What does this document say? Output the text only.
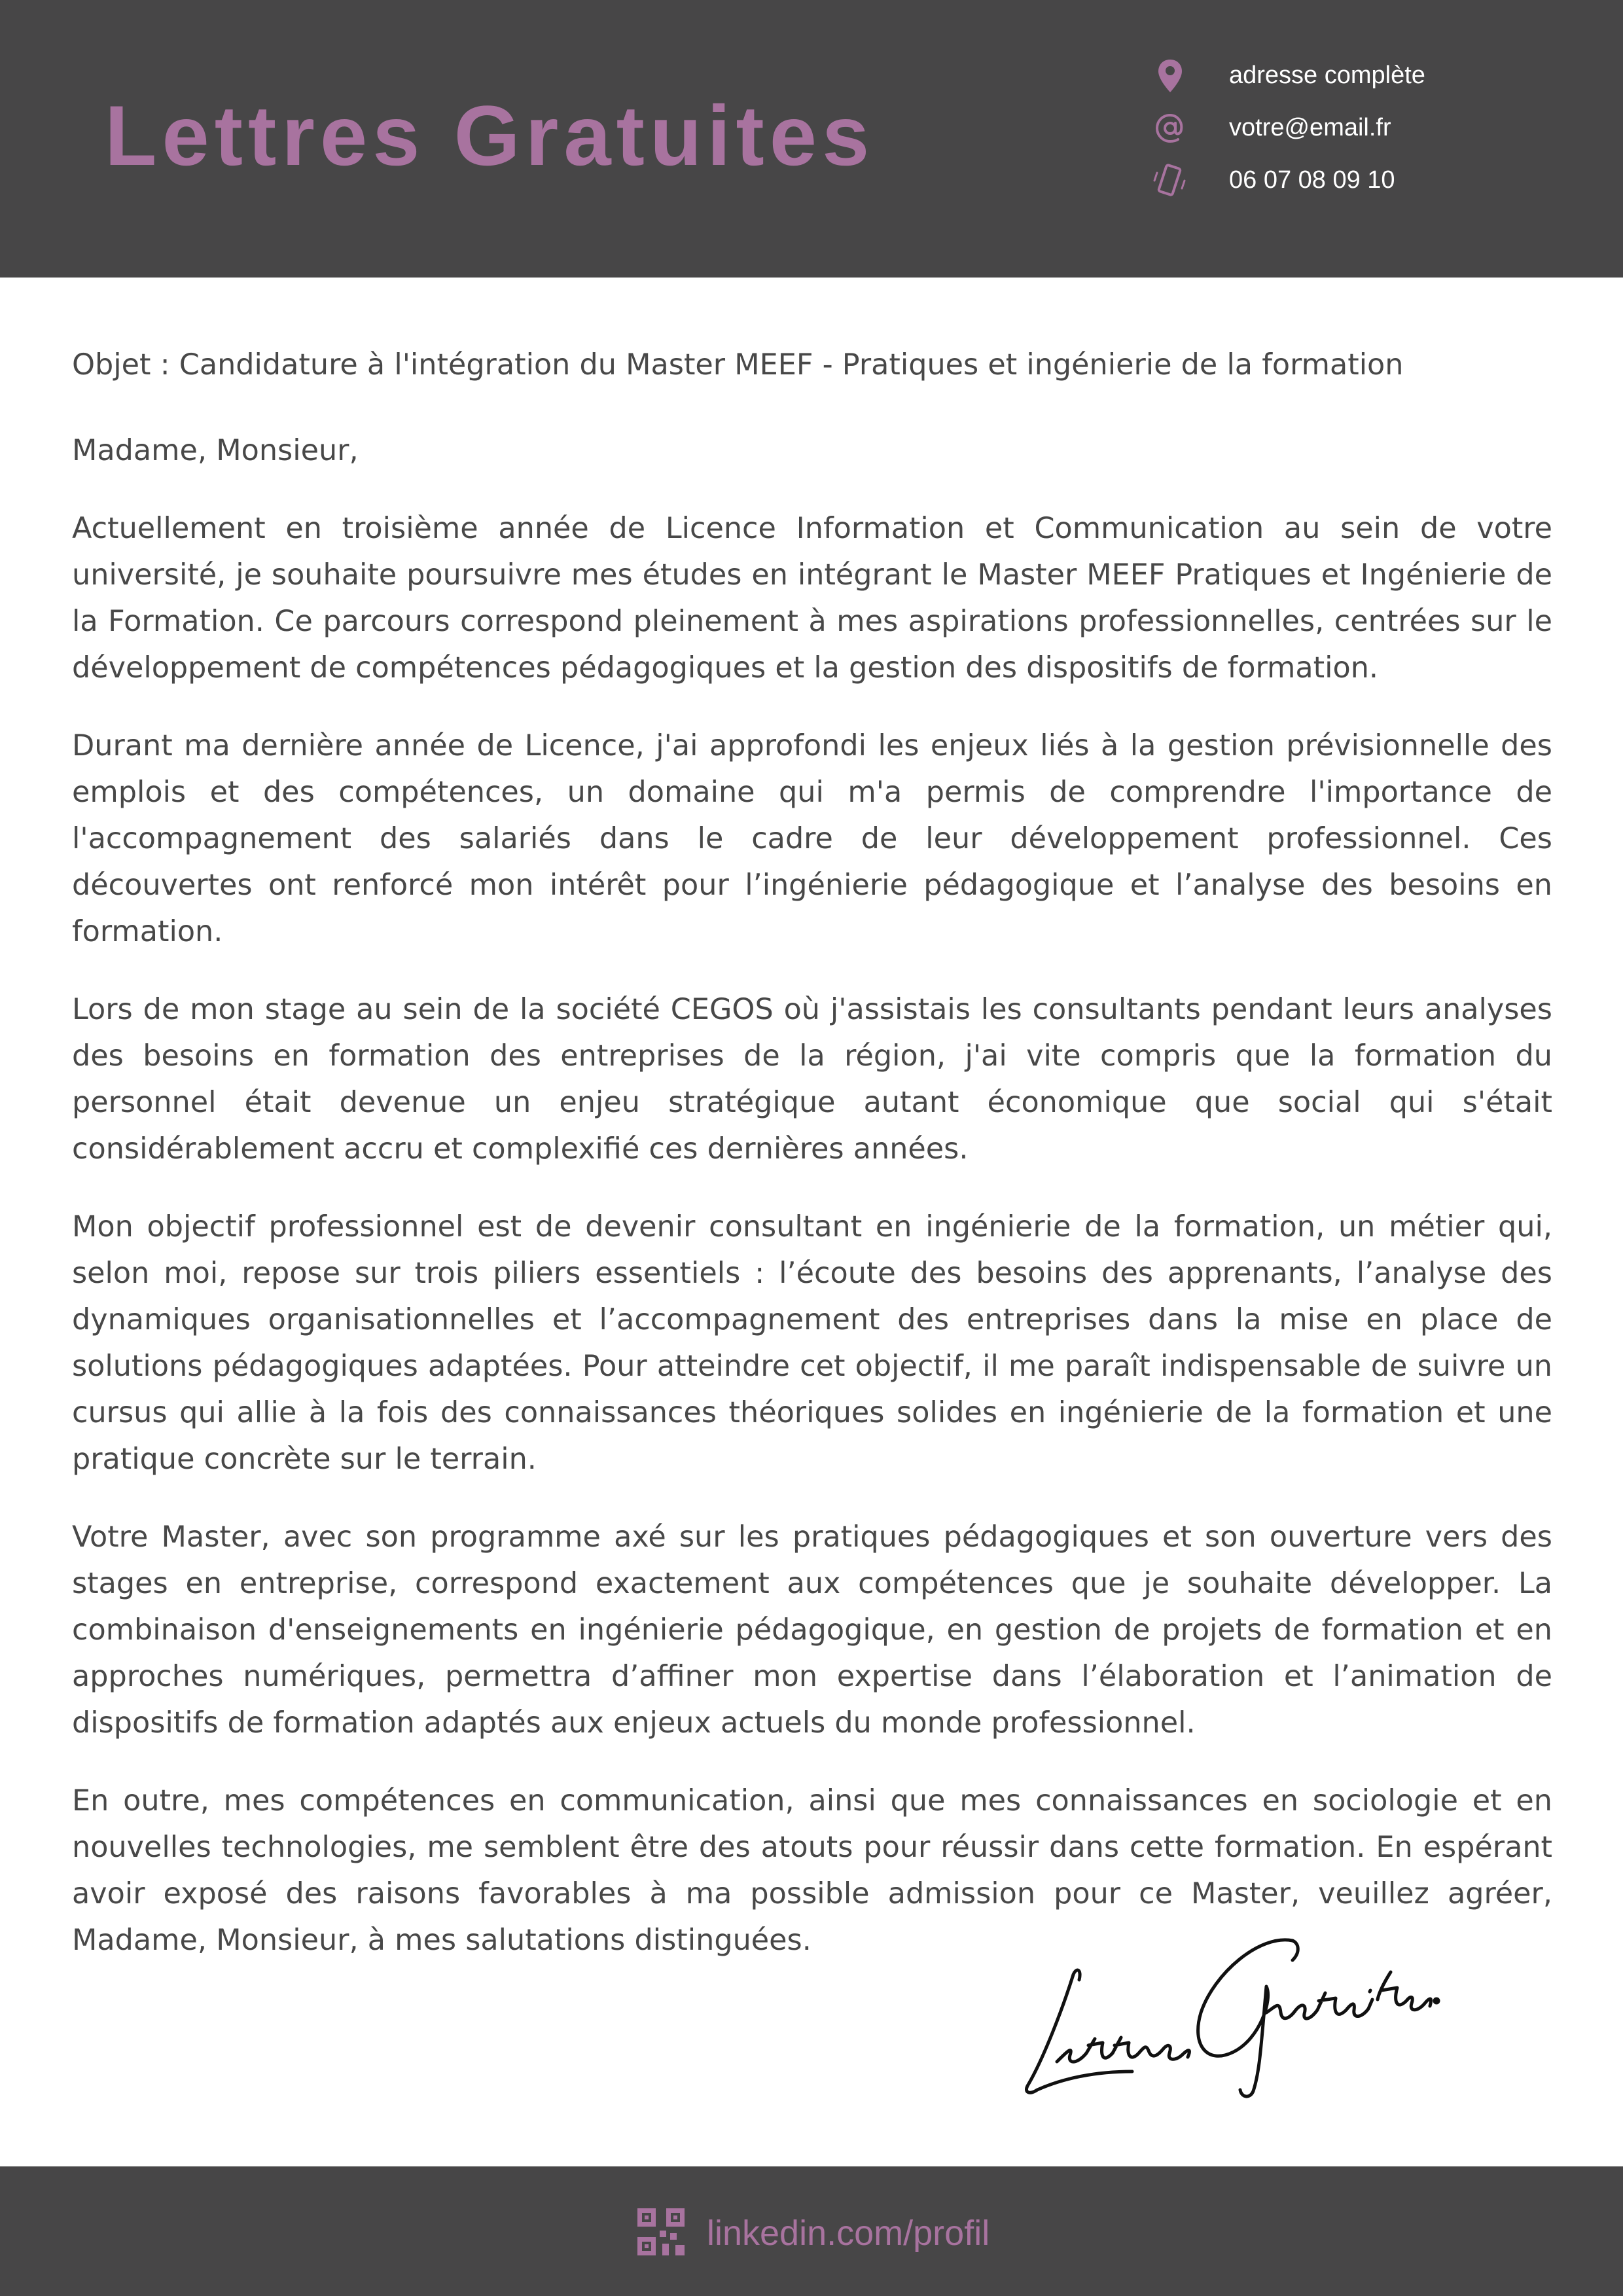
Lettres Gratuites
adresse complète
votre@email.fr
06 07 08 09 10
Objet : Candidature à l'intégration du Master MEEF - Pratiques et ingénierie de la formation
Madame, Monsieur,

Actuellement en troisième année de Licence Information et Communication au sein de votre université, je souhaite poursuivre mes études en intégrant le Master MEEF Pratiques et Ingénierie de la Formation. Ce parcours correspond pleinement à mes aspirations professionnelles, centrées sur le développement de compétences pédagogiques et la gestion des dispositifs de formation.

Durant ma dernière année de Licence, j'ai approfondi les enjeux liés à la gestion prévisionnelle des emplois et des compétences, un domaine qui m'a permis de comprendre l'importance de l'accompagnement des salariés dans le cadre de leur développement professionnel. Ces découvertes ont renforcé mon intérêt pour l’ingénierie pédagogique et l’analyse des besoins en formation.

Lors de mon stage au sein de la société CEGOS où j'assistais les consultants pendant leurs analyses des besoins en formation des entreprises de la région, j'ai vite compris que la formation du personnel était devenue un enjeu stratégique autant économique que social qui s'était considérablement accru et complexifié ces dernières années.

Mon objectif professionnel est de devenir consultant en ingénierie de la formation, un métier qui, selon moi, repose sur trois piliers essentiels : l’écoute des besoins des apprenants, l’analyse des dynamiques organisationnelles et l’accompagnement des entreprises dans la mise en place de solutions pédagogiques adaptées. Pour atteindre cet objectif, il me paraît indispensable de suivre un cursus qui allie à la fois des connaissances théoriques solides en ingénierie de la formation et une pratique concrète sur le terrain.

Votre Master, avec son programme axé sur les pratiques pédagogiques et son ouverture vers des stages en entreprise, correspond exactement aux compétences que je souhaite développer. La combinaison d'enseignements en ingénierie pédagogique, en gestion de projets de formation et en approches numériques, permettra d’affiner mon expertise dans l’élaboration et l’animation de dispositifs de formation adaptés aux enjeux actuels du monde professionnel.

En outre, mes compétences en communication, ainsi que mes connaissances en sociologie et en nouvelles technologies, me semblent être des atouts pour réussir dans cette formation. En espérant avoir exposé des raisons favorables à ma possible admission pour ce Master, veuillez agréer, Madame, Monsieur, à mes salutations distinguées.

linkedin.com/profil
